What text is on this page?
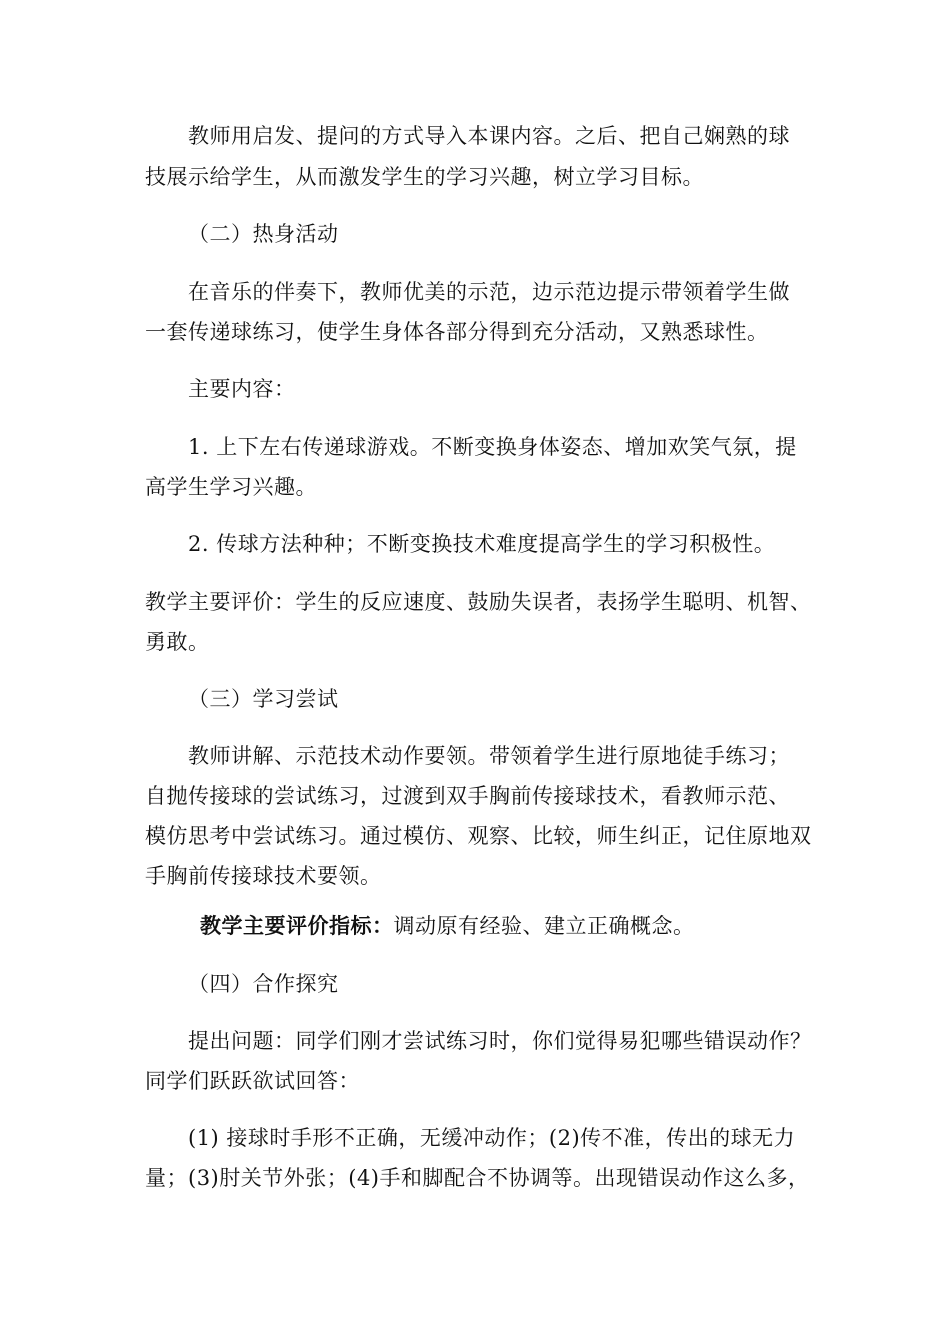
教师用启发、提问的方式导入本课内容。之后、把自己娴熟的球
技展示给学生，从而激发学生的学习兴趣，树立学习目标。
（二）热身活动
在音乐的伴奏下，教师优美的示范，边示范边提示带领着学生做
一套传递球练习，使学生身体各部分得到充分活动，又熟悉球性。
主要内容：
1. 上下左右传递球游戏。不断变换身体姿态、增加欢笑气氛，提
高学生学习兴趣。
2. 传球方法种种；不断变换技术难度提高学生的学习积极性。
教学主要评价：学生的反应速度、鼓励失误者，表扬学生聪明、机智、
勇敢。
（三）学习尝试
教师讲解、示范技术动作要领。带领着学生进行原地徒手练习；
自抛传接球的尝试练习，过渡到双手胸前传接球技术，看教师示范、
模仿思考中尝试练习。通过模仿、观察、比较，师生纠正，记住原地双
手胸前传接球技术要领。
教学主要评价指标：调动原有经验、建立正确概念。
（四）合作探究
提出问题：同学们刚才尝试练习时，你们觉得易犯哪些错误动作？
同学们跃跃欲试回答：
(1) 接球时手形不正确，无缓冲动作；(2)传不准，传出的球无力
量；(3)肘关节外张；(4)手和脚配合不协调等。出现错误动作这么多，
